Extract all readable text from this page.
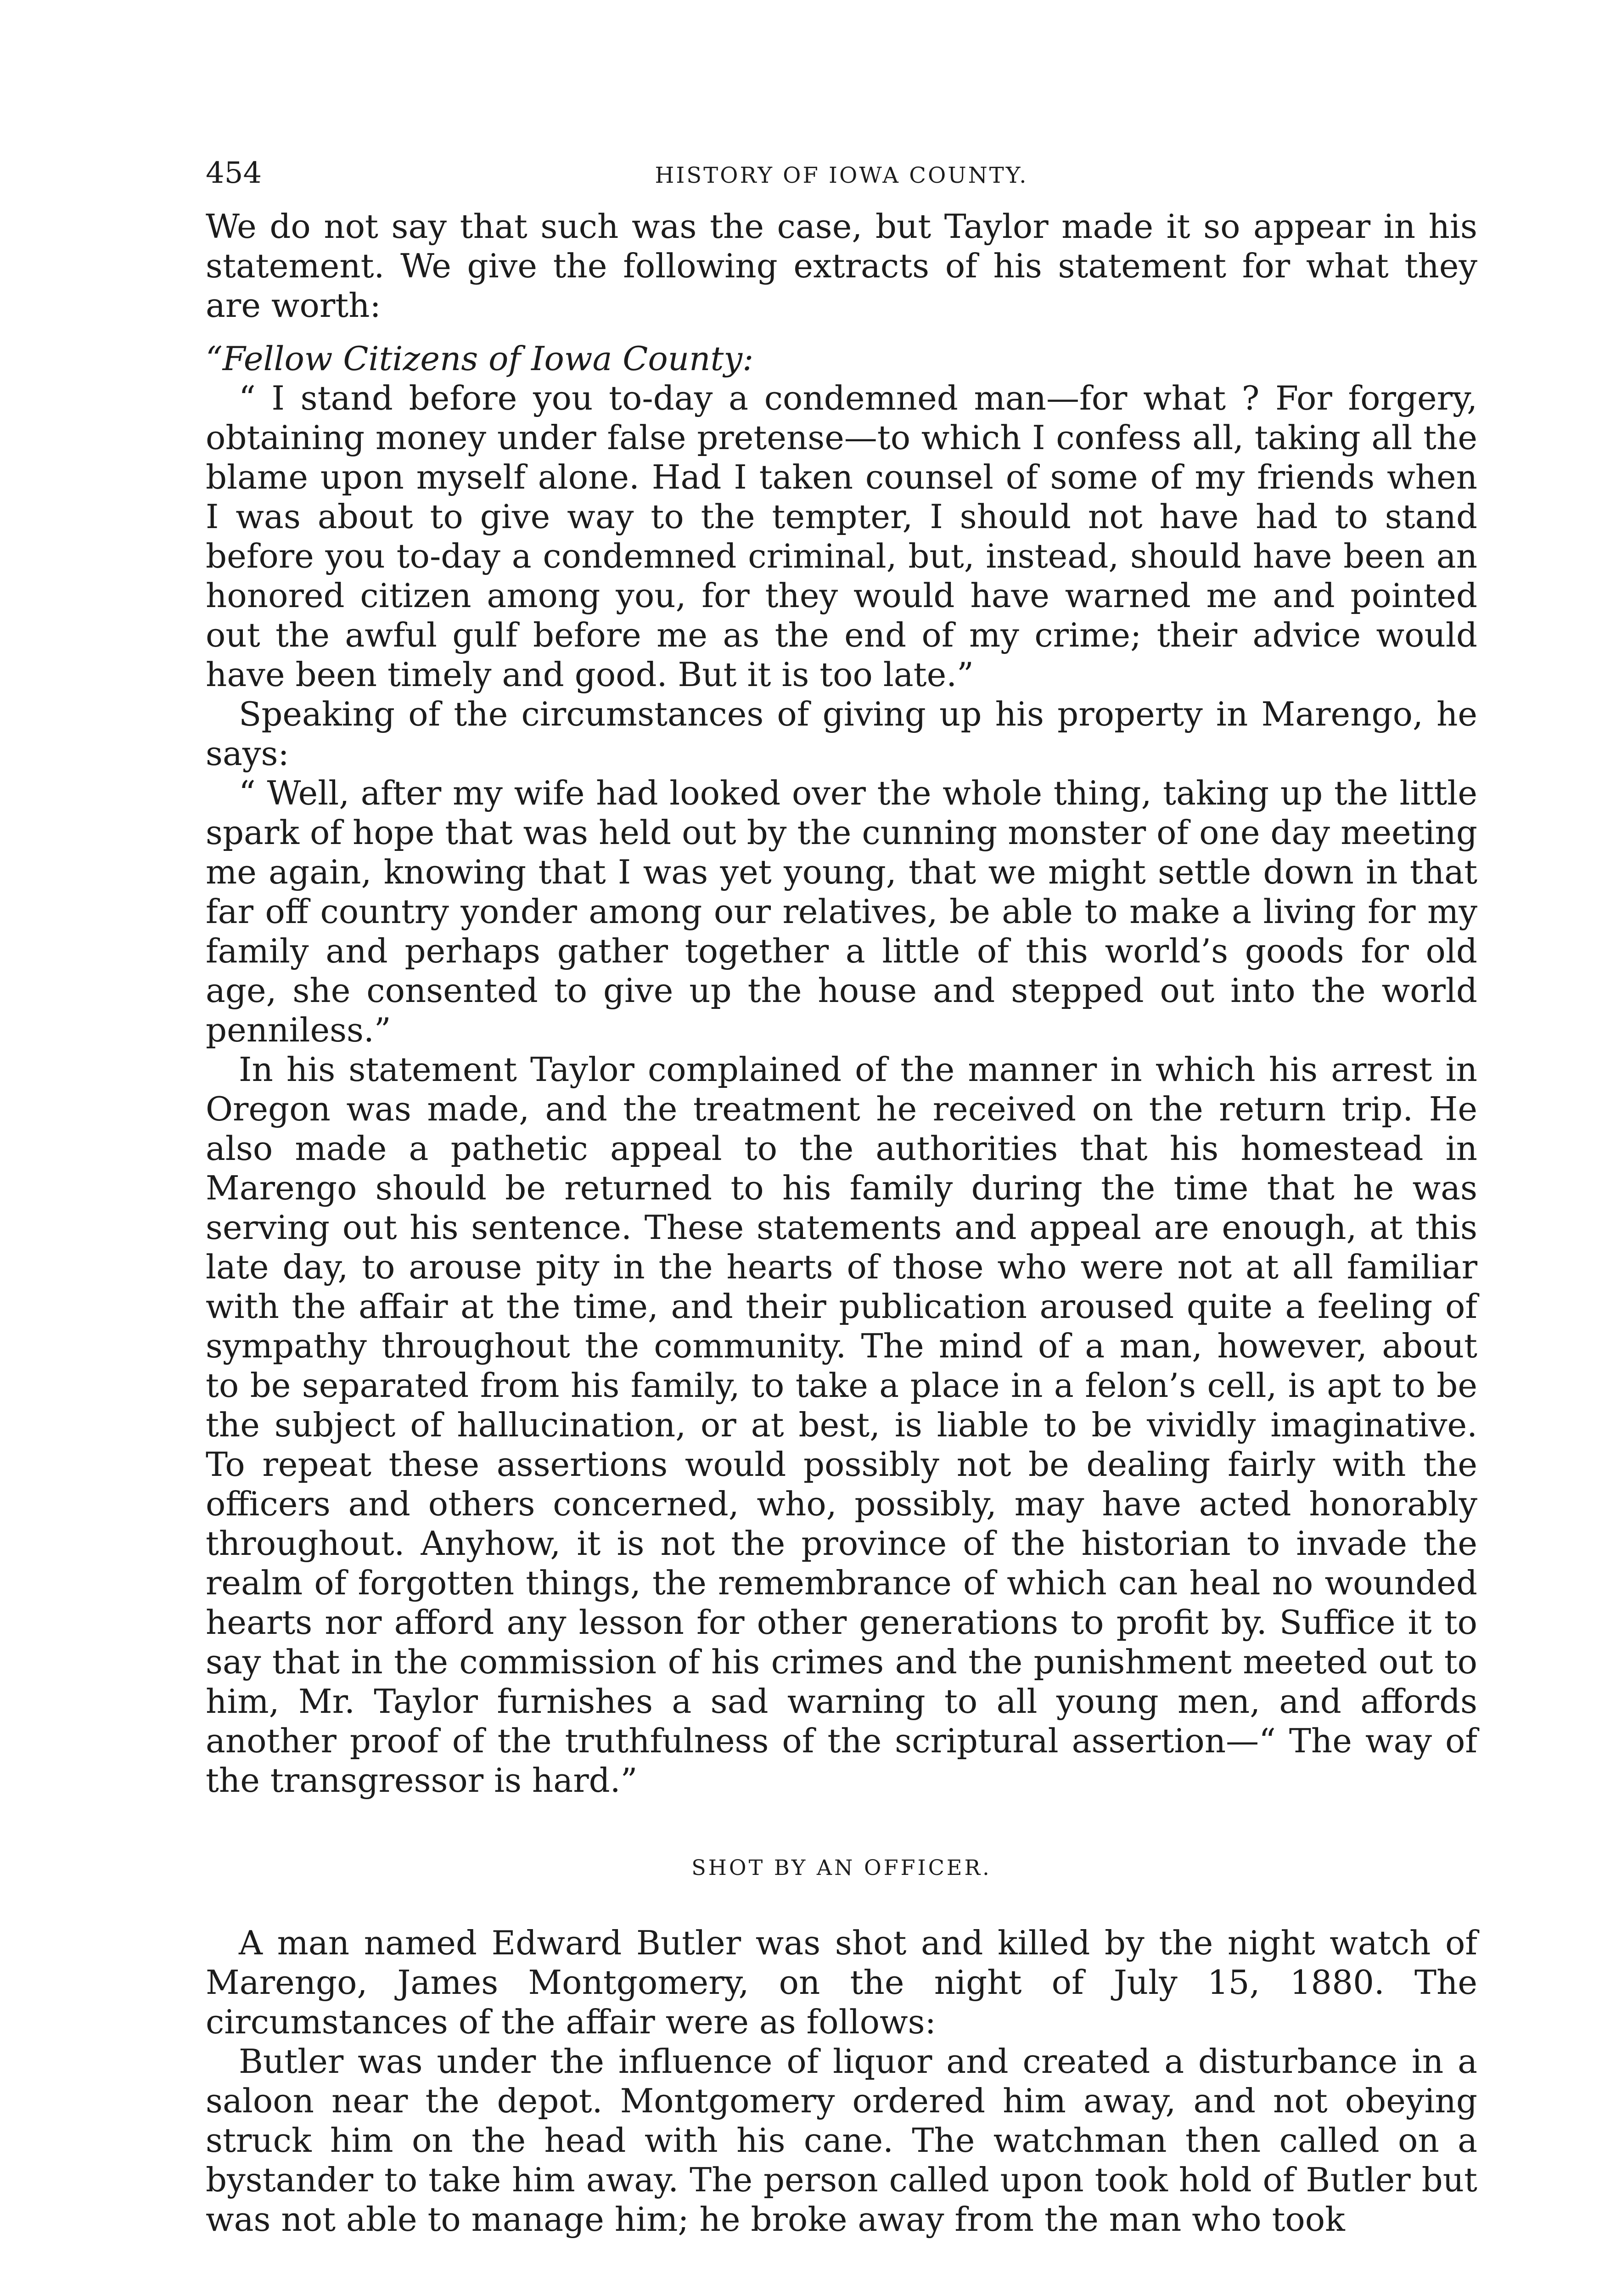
454	HISTORY OF IOWA COUNTY.

We do not say that such was the case, but Taylor made it so appear in his statement. We give the following extracts of his statement for what they are worth:

“Fellow Citizens of Iowa County:

“ I stand before you to-day a condemned man—for what ? For forgery, obtaining money under false pretense—to which I confess all, taking all the blame upon myself alone. Had I taken counsel of some of my friends when I was about to give way to the tempter, I should not have had to stand before you to-day a condemned criminal, but, instead, should have been an honored citizen among you, for they would have warned me and pointed out the awful gulf before me as the end of my crime; their advice would have been timely and good. But it is too late.”

Speaking of the circumstances of giving up his property in Marengo, he says:

“ Well, after my wife had looked over the whole thing, taking up the little spark of hope that was held out by the cunning monster of one day meeting me again, knowing that I was yet young, that we might settle down in that far off country yonder among our relatives, be able to make a living for my family and perhaps gather together a little of this world’s goods for old age, she consented to give up the house and stepped out into the world penniless.”

In his statement Taylor complained of the manner in which his arrest in Oregon was made, and the treatment he received on the return trip. He also made a pathetic appeal to the authorities that his homestead in Marengo should be returned to his family during the time that he was serving out his sentence. These statements and appeal are enough, at this late day, to arouse pity in the hearts of those who were not at all familiar with the affair at the time, and their publication aroused quite a feeling of sympathy throughout the community. The mind of a man, however, about to be separated from his family, to take a place in a felon’s cell, is apt to be the subject of hallucination, or at best, is liable to be vividly imaginative. To repeat these assertions would possibly not be dealing fairly with the officers and others concerned, who, possibly, may have acted honorably throughout. Anyhow, it is not the province of the historian to invade the realm of forgotten things, the remembrance of which can heal no wounded hearts nor afford any lesson for other generations to profit by. Suffice it to say that in the commission of his crimes and the punishment meeted out to him, Mr. Taylor furnishes a sad warning to all young men, and affords another proof of the truthfulness of the scriptural assertion—“ The way of the transgressor is hard.”

SHOT BY AN OFFICER.

A man named Edward Butler was shot and killed by the night watch of Marengo, James Montgomery, on the night of July 15, 1880. The circumstances of the affair were as follows:

Butler was under the influence of liquor and created a disturbance in a saloon near the depot. Montgomery ordered him away, and not obeying struck him on the head with his cane. The watchman then called on a bystander to take him away. The person called upon took hold of Butler but was not able to manage him; he broke away from the man who took
